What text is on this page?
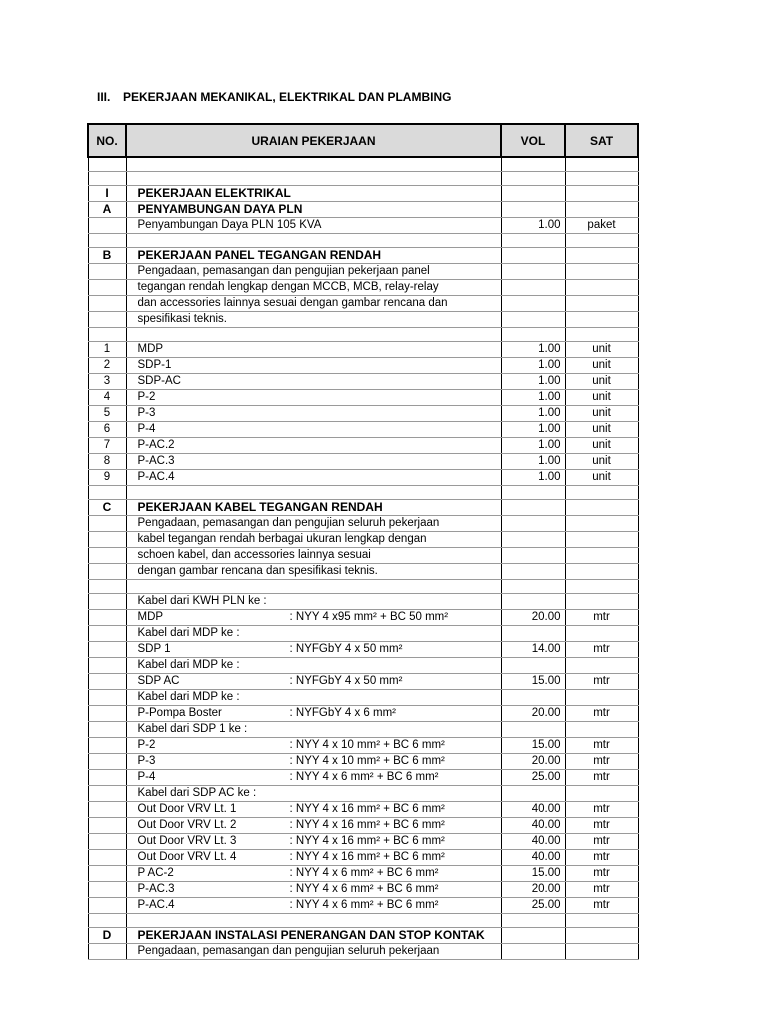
III. PEKERJAAN MEKANIKAL, ELEKTRIKAL DAN PLAMBING
NO.	URAIAN PEKERJAAN	VOL	SAT

I	PEKERJAAN ELEKTRIKAL		
A	PENYAMBUNGAN DAYA PLN		
	Penyambungan Daya PLN 105 KVA	1.00	paket

B	PEKERJAAN PANEL TEGANGAN RENDAH		
	Pengadaan, pemasangan dan pengujian pekerjaan panel		
	tegangan rendah lengkap dengan MCCB, MCB, relay-relay		
	dan accessories lainnya sesuai dengan gambar rencana dan		
	spesifikasi teknis.		

1	MDP	1.00	unit
2	SDP-1	1.00	unit
3	SDP-AC	1.00	unit
4	P-2	1.00	unit
5	P-3	1.00	unit
6	P-4	1.00	unit
7	P-AC.2	1.00	unit
8	P-AC.3	1.00	unit
9	P-AC.4	1.00	unit

C	PEKERJAAN KABEL TEGANGAN RENDAH		
	Pengadaan, pemasangan dan pengujian seluruh pekerjaan		
	kabel tegangan rendah berbagai ukuran lengkap dengan		
	schoen kabel, dan accessories lainnya sesuai		
	dengan gambar rencana dan spesifikasi teknis.		

	Kabel dari KWH PLN ke :		
	MDP : NYY 4 x95 mm² + BC 50 mm²	20.00	mtr
	Kabel dari MDP ke :		
	SDP 1 : NYFGbY 4 x 50 mm²	14.00	mtr
	Kabel dari MDP ke :		
	SDP AC : NYFGbY 4 x 50 mm²	15.00	mtr
	Kabel dari MDP ke :		
	P-Pompa Boster : NYFGbY 4 x 6 mm²	20.00	mtr
	Kabel dari SDP 1 ke :		
	P-2 : NYY 4 x 10 mm² + BC 6 mm²	15.00	mtr
	P-3 : NYY 4 x 10 mm² + BC 6 mm²	20.00	mtr
	P-4 : NYY 4 x 6 mm² + BC 6 mm²	25.00	mtr
	Kabel dari SDP AC ke :		
	Out Door VRV Lt. 1 : NYY 4 x 16 mm² + BC 6 mm²	40.00	mtr
	Out Door VRV Lt. 2 : NYY 4 x 16 mm² + BC 6 mm²	40.00	mtr
	Out Door VRV Lt. 3 : NYY 4 x 16 mm² + BC 6 mm²	40.00	mtr
	Out Door VRV Lt. 4 : NYY 4 x 16 mm² + BC 6 mm²	40.00	mtr
	P AC-2 : NYY 4 x 6 mm² + BC 6 mm²	15.00	mtr
	P-AC.3 : NYY 4 x 6 mm² + BC 6 mm²	20.00	mtr
	P-AC.4 : NYY 4 x 6 mm² + BC 6 mm²	25.00	mtr

D	PEKERJAAN INSTALASI PENERANGAN DAN STOP KONTAK		
	Pengadaan, pemasangan dan pengujian seluruh pekerjaan		
